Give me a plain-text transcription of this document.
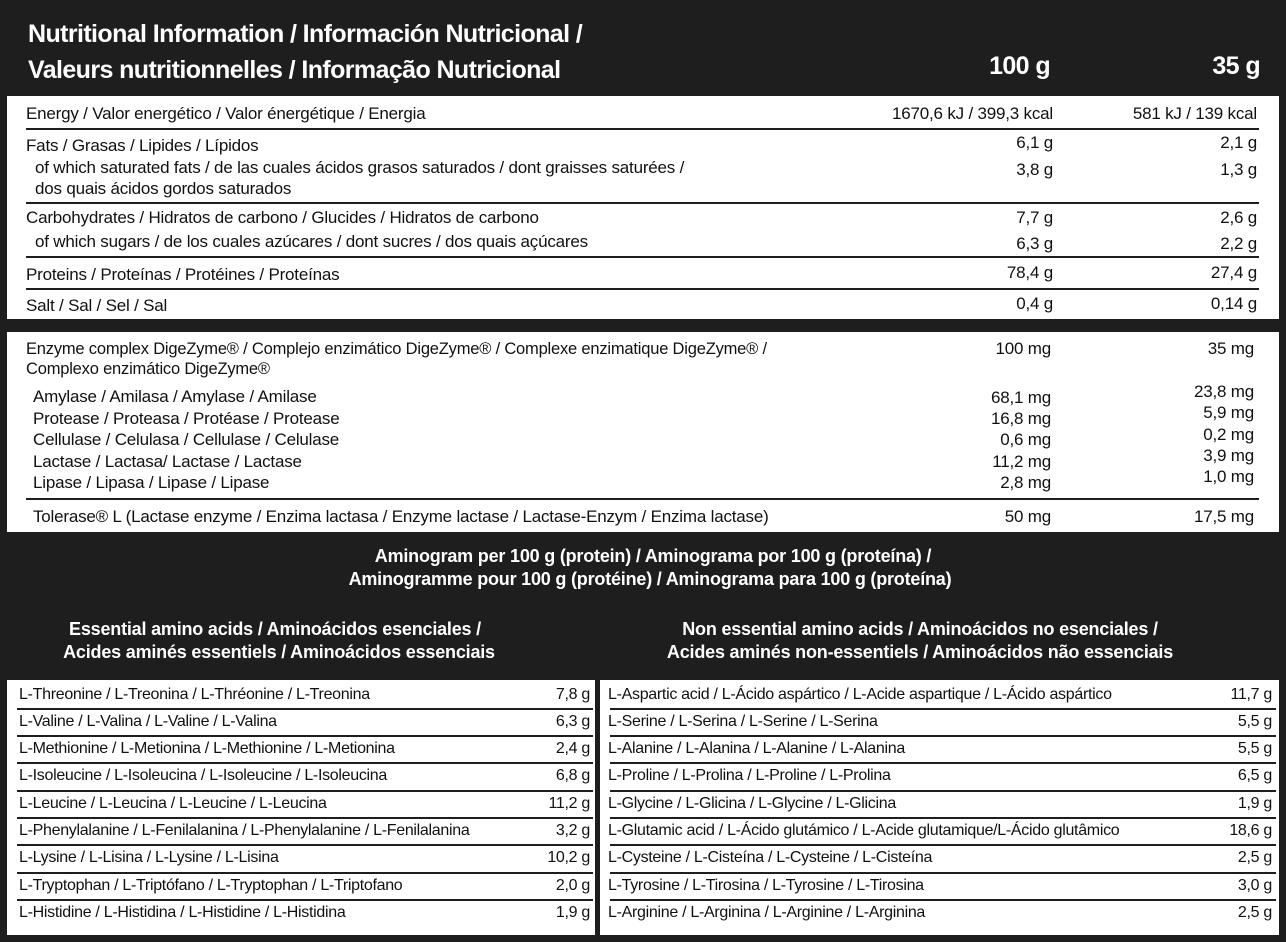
Nutritional Information / Información Nutricional /
Valeurs nutritionnelles / Informação Nutricional	100 g	35 g
Energy / Valor energético / Valor énergétique / Energia	1670,6 kJ / 399,3 kcal	581 kJ / 139 kcal
Fats / Grasas / Lipides / Lípidos	6,1 g	2,1 g
of which saturated fats / de las cuales ácidos grasos saturados / dont graisses saturées /
dos quais ácidos gordos saturados
3,8 g	1,3 g
Carbohydrates / Hidratos de carbono / Glucides / Hidratos de carbono	7,7 g	2,6 g
of which sugars / de los cuales azúcares / dont sucres / dos quais açúcares	6,3 g	2,2 g
Proteins / Proteínas / Protéines / Proteínas	78,4 g	27,4 g
Salt / Sal / Sel / Sal	0,4 g	0,14 g
Enzyme complex DigeZyme® / Complejo enzimático DigeZyme® / Complexe enzimatique DigeZyme® /
Complexo enzimático DigeZyme®
100 mg	35 mg
Amylase / Amilasa / Amylase / Amilase	68,1 mg	23,8 mg
Protease / Proteasa / Protéase / Protease	16,8 mg	5,9 mg
Cellulase / Celulasa / Cellulase / Celulase	0,6 mg	0,2 mg
Lactase / Lactasa/ Lactase / Lactase	11,2 mg	3,9 mg
Lipase / Lipasa / Lipase / Lipase	2,8 mg	1,0 mg
Tolerase® L (Lactase enzyme / Enzima lactasa / Enzyme lactase / Lactase-Enzym / Enzima lactase)	50 mg	17,5 mg
Aminogram per 100 g (protein) / Aminograma por 100 g (proteína) /
Aminogramme pour 100 g (protéine) / Aminograma para 100 g (proteína)
Essential amino acids / Aminoácidos esenciales /
Acides aminés essentiels / Aminoácidos essenciais
Non essential amino acids / Aminoácidos no esenciales /
Acides aminés non-essentiels / Aminoácidos não essenciais
L-Threonine / L-Treonina / L-Thréonine / L-Treonina	7,8 g
L-Valine / L-Valina / L-Valine / L-Valina	6,3 g
L-Methionine / L-Metionina / L-Methionine / L-Metionina	2,4 g
L-Isoleucine / L-Isoleucina / L-Isoleucine / L-Isoleucina	6,8 g
L-Leucine / L-Leucina / L-Leucine / L-Leucina	11,2 g
L-Phenylalanine / L-Fenilalanina / L-Phenylalanine / L-Fenilalanina	3,2 g
L-Lysine / L-Lisina / L-Lysine / L-Lisina	10,2 g
L-Tryptophan / L-Triptófano / L-Tryptophan / L-Triptofano	2,0 g
L-Histidine / L-Histidina / L-Histidine / L-Histidina	1,9 g
L-Aspartic acid / L-Ácido aspártico / L-Acide aspartique / L-Ácido aspártico	11,7 g
L-Serine / L-Serina / L-Serine / L-Serina	5,5 g
L-Alanine / L-Alanina / L-Alanine / L-Alanina	5,5 g
L-Proline / L-Prolina / L-Proline / L-Prolina	6,5 g
L-Glycine / L-Glicina / L-Glycine / L-Glicina	1,9 g
L-Glutamic acid / L-Ácido glutámico / L-Acide glutamique/L-Ácido glutâmico	18,6 g
L-Cysteine / L-Cisteína / L-Cysteine / L-Cisteína	2,5 g
L-Tyrosine / L-Tirosina / L-Tyrosine / L-Tirosina	3,0 g
L-Arginine / L-Arginina / L-Arginine / L-Arginina	2,5 g
